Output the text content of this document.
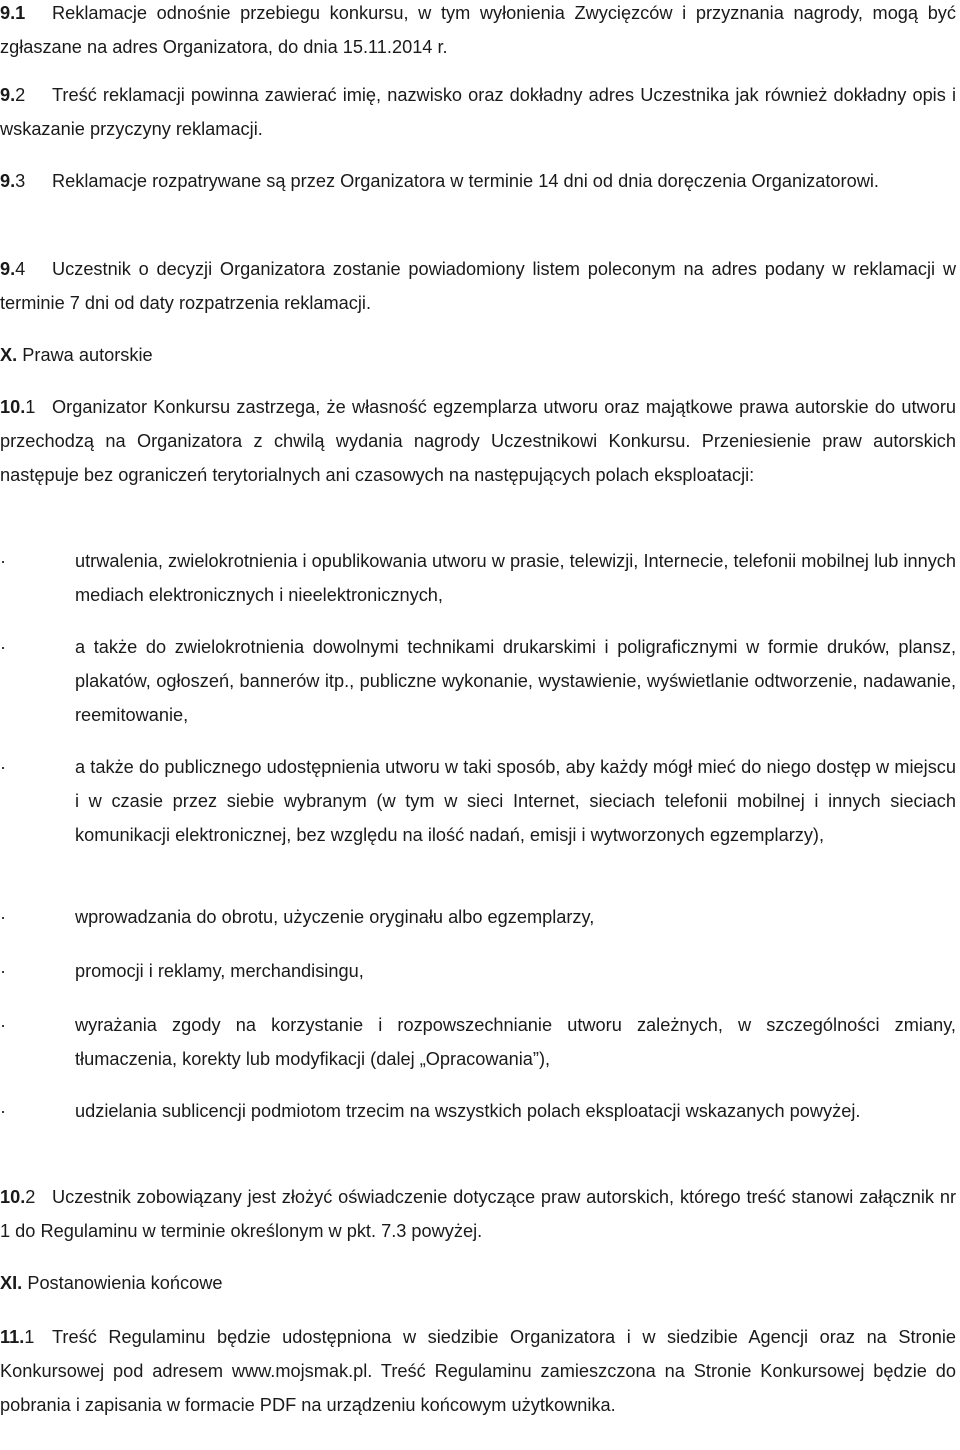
9.1	Reklamacje odnośnie przebiegu konkursu, w tym wyłonienia Zwycięzców i przyznania nagrody, mogą być zgłaszane na adres Organizatora, do dnia 15.11.2014 r.
9.2	Treść reklamacji powinna zawierać imię, nazwisko oraz dokładny adres Uczestnika jak również dokładny opis i wskazanie przyczyny reklamacji.
9.3	Reklamacje rozpatrywane są przez Organizatora w terminie 14 dni od dnia doręczenia Organizatorowi.
9.4	Uczestnik o decyzji Organizatora zostanie powiadomiony listem poleconym na adres podany w reklamacji w terminie 7 dni od daty rozpatrzenia reklamacji.
X. Prawa autorskie
10.1 Organizator Konkursu zastrzega, że własność egzemplarza utworu oraz majątkowe prawa autorskie do utworu przechodzą na Organizatora z chwilą wydania nagrody Uczestnikowi Konkursu. Przeniesienie praw autorskich następuje bez ograniczeń terytorialnych ani czasowych na następujących polach eksploatacji:
·	utrwalenia, zwielokrotnienia i opublikowania utworu w prasie, telewizji, Internecie, telefonii mobilnej lub innych mediach elektronicznych i nieelektronicznych,
·	a także do zwielokrotnienia dowolnymi technikami drukarskimi i poligraficznymi w formie druków, plansz, plakatów, ogłoszeń, bannerów itp., publiczne wykonanie, wystawienie, wyświetlanie odtworzenie, nadawanie, reemitowanie,
·	a także do publicznego udostępnienia utworu w taki sposób, aby każdy mógł mieć do niego dostęp w miejscu i w czasie przez siebie wybranym (w tym w sieci Internet, sieciach telefonii mobilnej i innych sieciach komunikacji elektronicznej, bez względu na ilość nadań, emisji i wytworzonych egzemplarzy),
·	wprowadzania do obrotu, użyczenie oryginału albo egzemplarzy,
·	promocji i reklamy, merchandisingu,
·	wyrażania zgody na korzystanie i rozpowszechnianie utworu zależnych, w szczególności zmiany, tłumaczenia, korekty lub modyfikacji (dalej „Opracowania”),
·	udzielania sublicencji podmiotom trzecim na wszystkich polach eksploatacji wskazanych powyżej.
10.2 Uczestnik zobowiązany jest złożyć oświadczenie dotyczące praw autorskich, którego treść stanowi załącznik nr 1 do Regulaminu w terminie określonym w pkt. 7.3 powyżej.
XI. Postanowienia końcowe
11.1 Treść Regulaminu będzie udostępniona w siedzibie Organizatora i w siedzibie Agencji oraz na Stronie Konkursowej pod adresem www.mojsmak.pl. Treść Regulaminu zamieszczona na Stronie Konkursowej będzie do pobrania i zapisania w formacie PDF na urządzeniu końcowym użytkownika.
